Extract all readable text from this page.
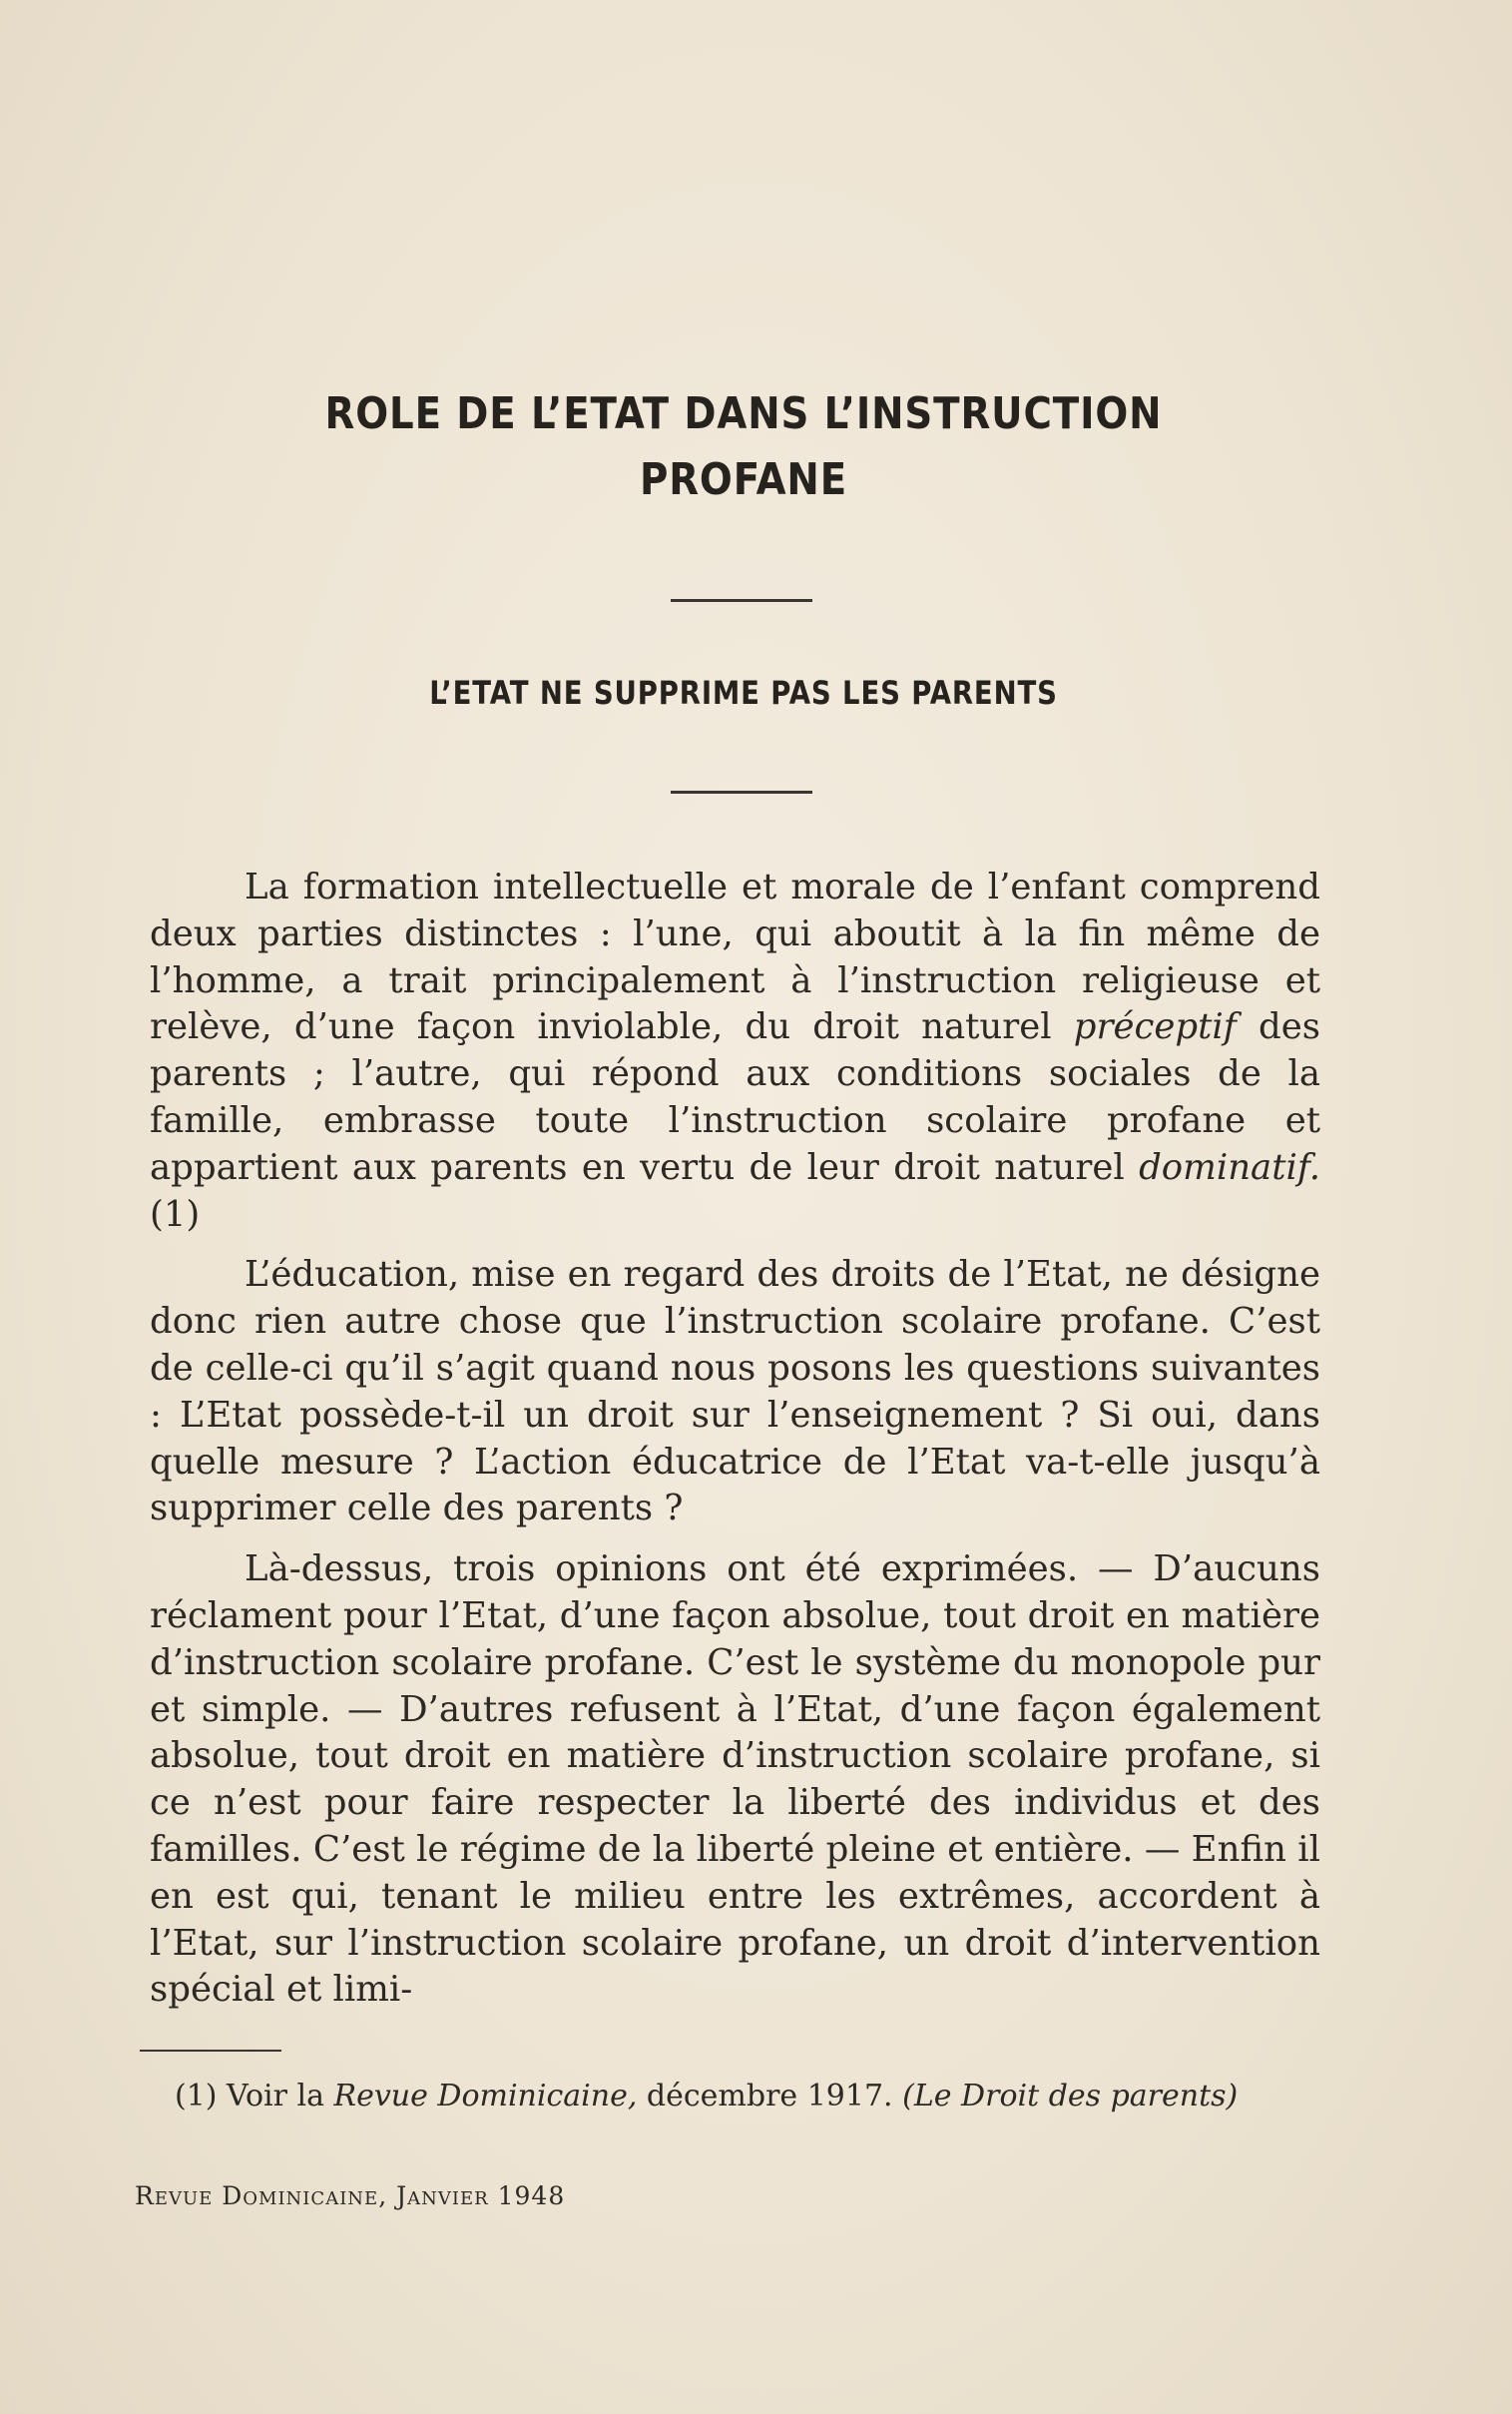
ROLE DE L’ETAT DANS L’INSTRUCTION
PROFANE
L’ETAT NE SUPPRIME PAS LES PARENTS

La formation intellectuelle et morale de l’enfant comprend deux parties distinctes : l’une, qui aboutit à la fin même de l’homme, a trait principalement à l’instruction religieuse et relève, d’une façon inviolable, du droit naturel préceptif des parents ; l’autre, qui répond aux conditions sociales de la famille, embrasse toute l’instruction scolaire profane et appartient aux parents en vertu de leur droit naturel dominatif. (1)

L’éducation, mise en regard des droits de l’Etat, ne désigne donc rien autre chose que l’instruction scolaire profane. C’est de celle-ci qu’il s’agit quand nous posons les questions suivantes : L’Etat possède-t-il un droit sur l’enseignement ? Si oui, dans quelle mesure ? L’action éducatrice de l’Etat va-t-elle jusqu’à supprimer celle des parents ?

Là-dessus, trois opinions ont été exprimées. — D’aucuns réclament pour l’Etat, d’une façon absolue, tout droit en matière d’instruction scolaire profane. C’est le système du monopole pur et simple. — D’autres refusent à l’Etat, d’une façon également absolue, tout droit en matière d’instruction scolaire profane, si ce n’est pour faire respecter la liberté des individus et des familles. C’est le régime de la liberté pleine et entière. — Enfin il en est qui, tenant le milieu entre les extrêmes, accordent à l’Etat, sur l’instruction scolaire profane, un droit d’intervention spécial et limi-

(1) Voir la Revue Dominicaine, décembre 1917. (Le Droit des parents)

Revue Dominicaine, Janvier 1948
